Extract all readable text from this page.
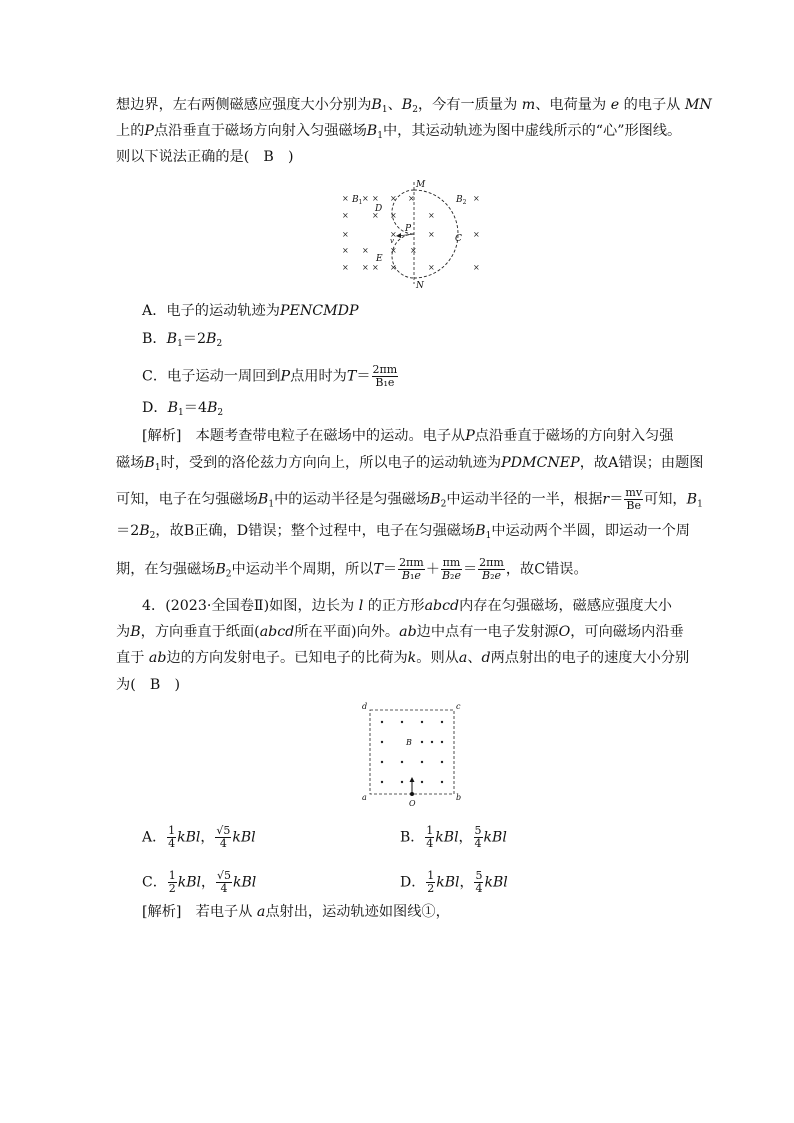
想边界，左右两侧磁感应强度大小分别为$B_1$、$B_2$，今有一质量为 m、电荷量为 e 的电子从 MN
上的P点沿垂直于磁场方向射入匀强磁场$B_1$中，其运动轨迹为图中虚线所示的“心”形图线。
则以下说法正确的是(　B　)
× × × ×
×	× ×
×	×
× ×	×
× × × ×
×
×
×
×	×
×
×	×
M
N
P
D
E
C
v
$B_1$	$B_2$
A．电子的运动轨迹为PENCMDP
B．$B_1=2B_2$
C．电子运动一周回到P点用时为$T= \frac{2\pi m}{\text{B₁e}}$
D．$B_1=4B_2$
[解析]　本题考查带电粒子在磁场中的运动。电子从P点沿垂直于磁场的方向射入匀强
磁场$B_1$时，受到的洛伦兹力方向向上，所以电子的运动轨迹为PDMCNEP，故A错误；由题图
可知，电子在匀强磁场$B_1$中的运动半径是匀强磁场$B_2$中运动半径的一半，根据$r= \frac{mv}{Be}$ 可知，$B_1$
$=2B_2$，故B正确，D错误；整个过程中，电子在匀强磁场$B_1$中运动两个半圆，即运动一个周
期，在匀强磁场$B_2$中运动半个周期，所以$T= \frac{2\pi m}{\text{B₁e}} + \frac{\pi m}{\text{B₂e}} = \frac{2\pi m}{\text{B₂e}}$ ，故C错误。
4．(2023·全国卷Ⅱ)如图，边长为 l 的正方形abcd内存在匀强磁场，磁感应强度大小
为B，方向垂直于纸面(abcd所在平面)向外。ab边中点有一电子发射源O，可向磁场内沿垂
直于 ab边的方向发射电子。已知电子的比荷为k。则从a、d两点射出的电子的速度大小分别
为(　B　)
a	b
c
d
O
B
A． $\frac{1}{4}$ kBl， $\frac{√5}{4}$ kBl	B． $\frac{1}{4}$ kBl， $\frac{5}{4}$ kBl
C． $\frac{1}{2}$ kBl， $\frac{√5}{4}$ kBl	D． $\frac{1}{2}$ kBl， $\frac{5}{4}$ kBl
[解析]　若电子从 a点射出，运动轨迹如图线①，
